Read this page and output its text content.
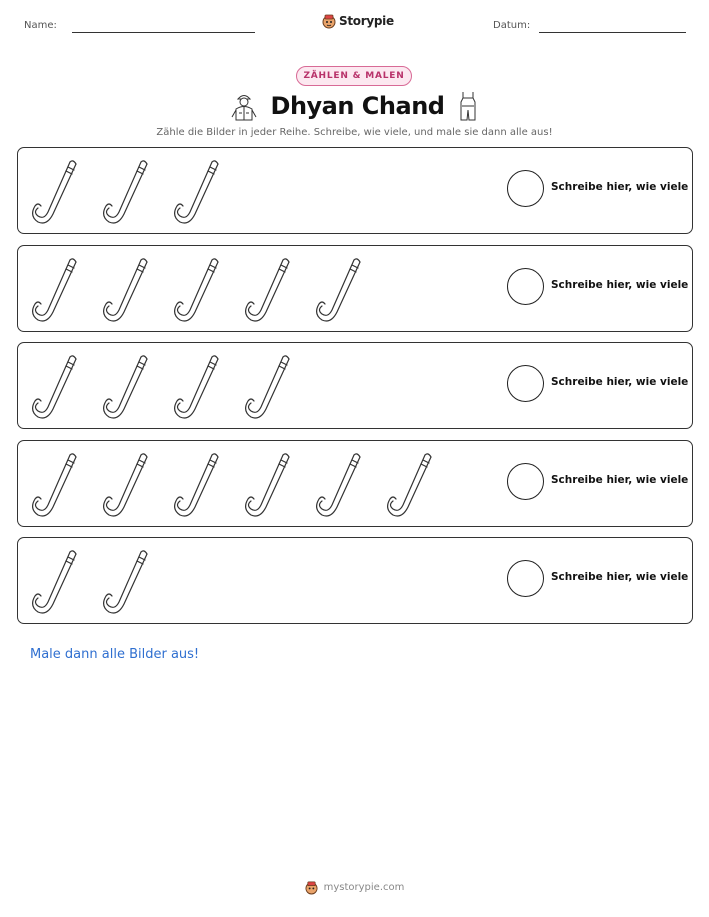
Name:	Storypie	Datum:
ZÄHLEN & MALEN
Dhyan Chand
Zähle die Bilder in jeder Reihe. Schreibe, wie viele, und male sie dann alle aus!
Schreibe hier, wie viele
Schreibe hier, wie viele
Schreibe hier, wie viele
Schreibe hier, wie viele
Schreibe hier, wie viele
Male dann alle Bilder aus!
mystorypie.com
